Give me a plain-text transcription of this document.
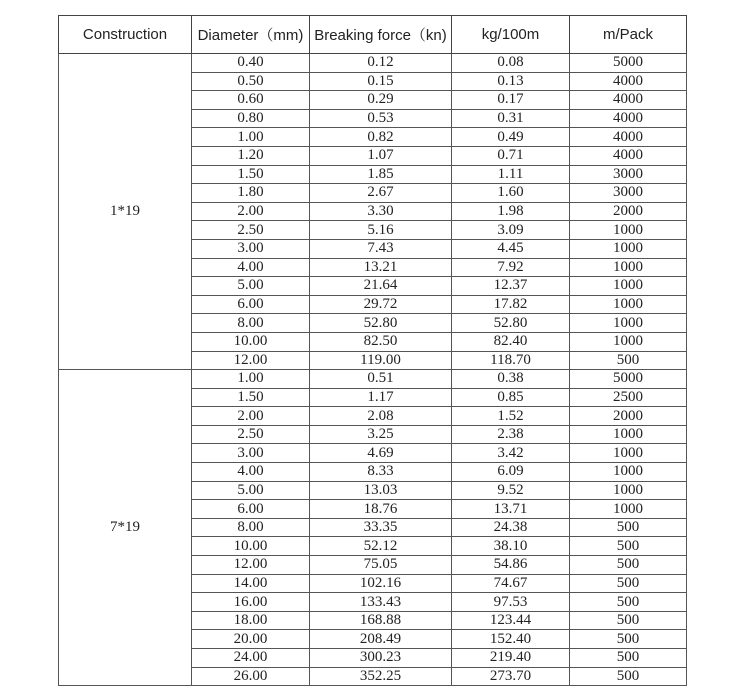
Construction	Diameter（mm)	Breaking force（kn)	kg/100m	m/Pack
1*19	0.40	0.12	0.08	5000
	0.50	0.15	0.13	4000
	0.60	0.29	0.17	4000
	0.80	0.53	0.31	4000
	1.00	0.82	0.49	4000
	1.20	1.07	0.71	4000
	1.50	1.85	1.11	3000
	1.80	2.67	1.60	3000
	2.00	3.30	1.98	2000
	2.50	5.16	3.09	1000
	3.00	7.43	4.45	1000
	4.00	13.21	7.92	1000
	5.00	21.64	12.37	1000
	6.00	29.72	17.82	1000
	8.00	52.80	52.80	1000
	10.00	82.50	82.40	1000
	12.00	119.00	118.70	500
7*19	1.00	0.51	0.38	5000
	1.50	1.17	0.85	2500
	2.00	2.08	1.52	2000
	2.50	3.25	2.38	1000
	3.00	4.69	3.42	1000
	4.00	8.33	6.09	1000
	5.00	13.03	9.52	1000
	6.00	18.76	13.71	1000
	8.00	33.35	24.38	500
	10.00	52.12	38.10	500
	12.00	75.05	54.86	500
	14.00	102.16	74.67	500
	16.00	133.43	97.53	500
	18.00	168.88	123.44	500
	20.00	208.49	152.40	500
	24.00	300.23	219.40	500
	26.00	352.25	273.70	500
